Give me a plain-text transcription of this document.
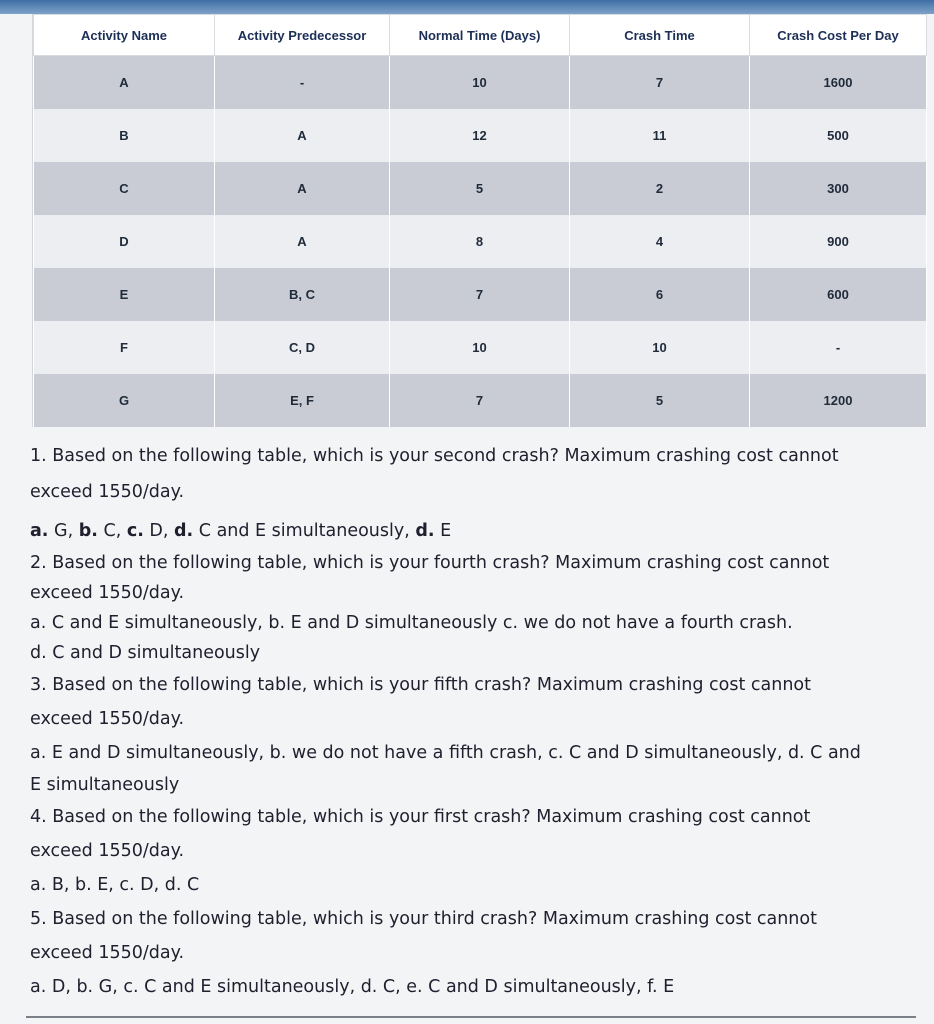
Activity Name	Activity Predecessor	Normal Time (Days)	Crash Time	Crash Cost Per Day
A	-	10	7	1600
B	A	12	11	500
C	A	5	2	300
D	A	8	4	900
E	B, C	7	6	600
F	C, D	10	10	-
G	E, F	7	5	1200
1. Based on the following table, which is your second crash? Maximum crashing cost cannot
exceed 1550/day.
a. G, b. C, c. D, d. C and E simultaneously, d. E
2. Based on the following table, which is your fourth crash? Maximum crashing cost cannot
exceed 1550/day.
a. C and E simultaneously, b. E and D simultaneously c. we do not have a fourth crash.
d. C and D simultaneously
3. Based on the following table, which is your fifth crash? Maximum crashing cost cannot
exceed 1550/day.
a. E and D simultaneously, b. we do not have a fifth crash, c. C and D simultaneously, d. C and
E simultaneously
4. Based on the following table, which is your first crash? Maximum crashing cost cannot
exceed 1550/day.
a. B, b. E, c. D, d. C
5. Based on the following table, which is your third crash? Maximum crashing cost cannot
exceed 1550/day.
a. D, b. G, c. C and E simultaneously, d. C, e. C and D simultaneously, f. E
